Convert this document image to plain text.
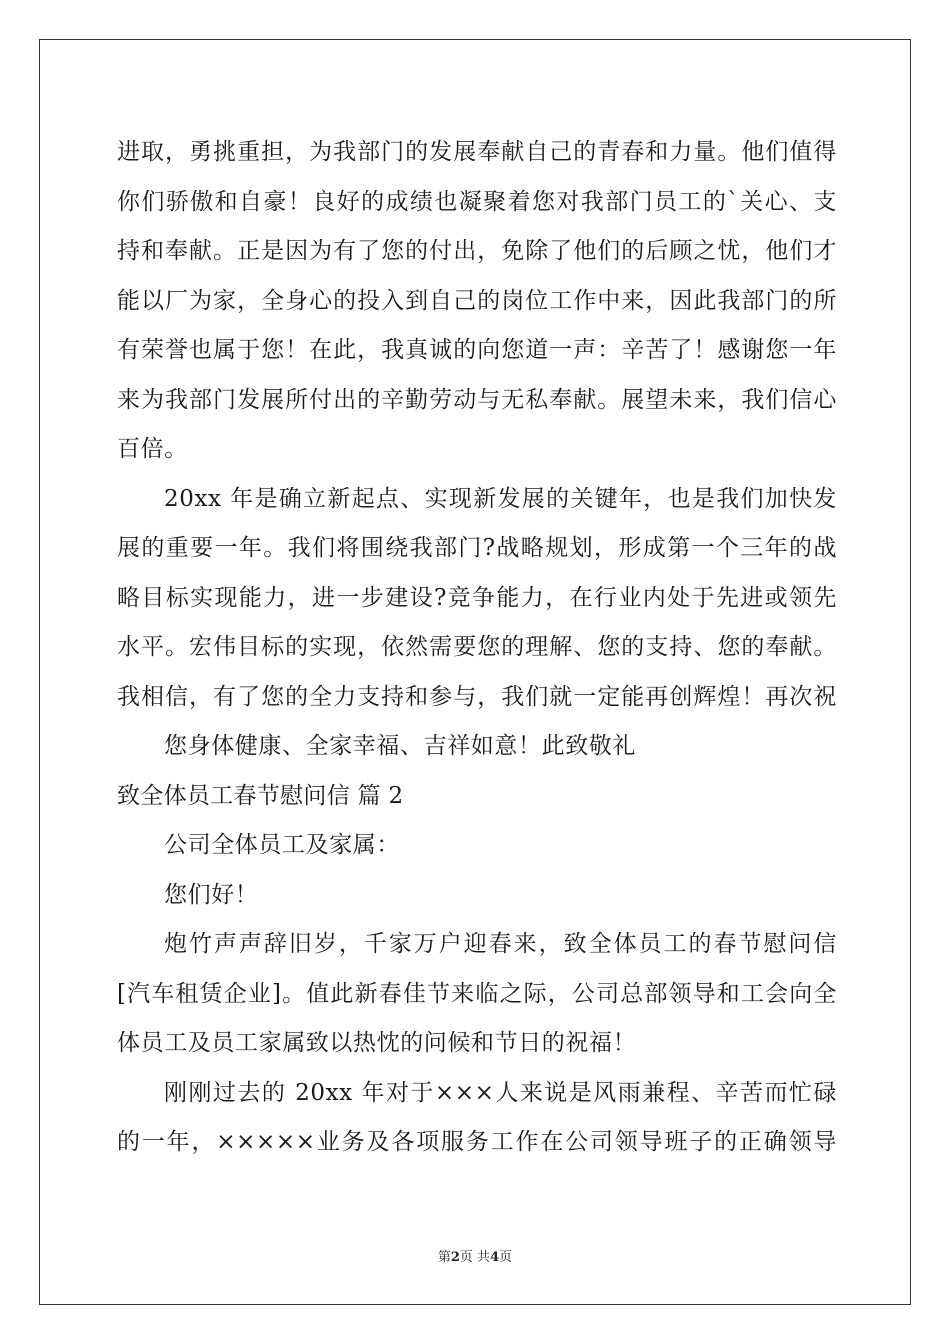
进取，勇挑重担，为我部门的发展奉献自己的青春和力量。他们值得
你们骄傲和自豪！良好的成绩也凝聚着您对我部门员工的`关心、支
持和奉献。正是因为有了您的付出，免除了他们的后顾之忧，他们才
能以厂为家，全身心的投入到自己的岗位工作中来，因此我部门的所
有荣誉也属于您！在此，我真诚的向您道一声：辛苦了！感谢您一年
来为我部门发展所付出的辛勤劳动与无私奉献。展望未来，我们信心
百倍。
20xx 年是确立新起点、实现新发展的关键年，也是我们加快发
展的重要一年。我们将围绕我部门?战略规划，形成第一个三年的战
略目标实现能力，进一步建设?竞争能力，在行业内处于先进或领先
水平。宏伟目标的实现，依然需要您的理解、您的支持、您的奉献。
我相信，有了您的全力支持和参与，我们就一定能再创辉煌！再次祝
您身体健康、全家幸福、吉祥如意！此致敬礼
致全体员工春节慰问信 篇 2
公司全体员工及家属：
您们好！
炮竹声声辞旧岁，千家万户迎春来，致全体员工的春节慰问信
[汽车租赁企业]。值此新春佳节来临之际，公司总部领导和工会向全
体员工及员工家属致以热忱的问候和节日的祝福！
刚刚过去的 20xx 年对于×××人来说是风雨兼程、辛苦而忙碌
的一年，×××××业务及各项服务工作在公司领导班子的正确领导
第2页 共4页
